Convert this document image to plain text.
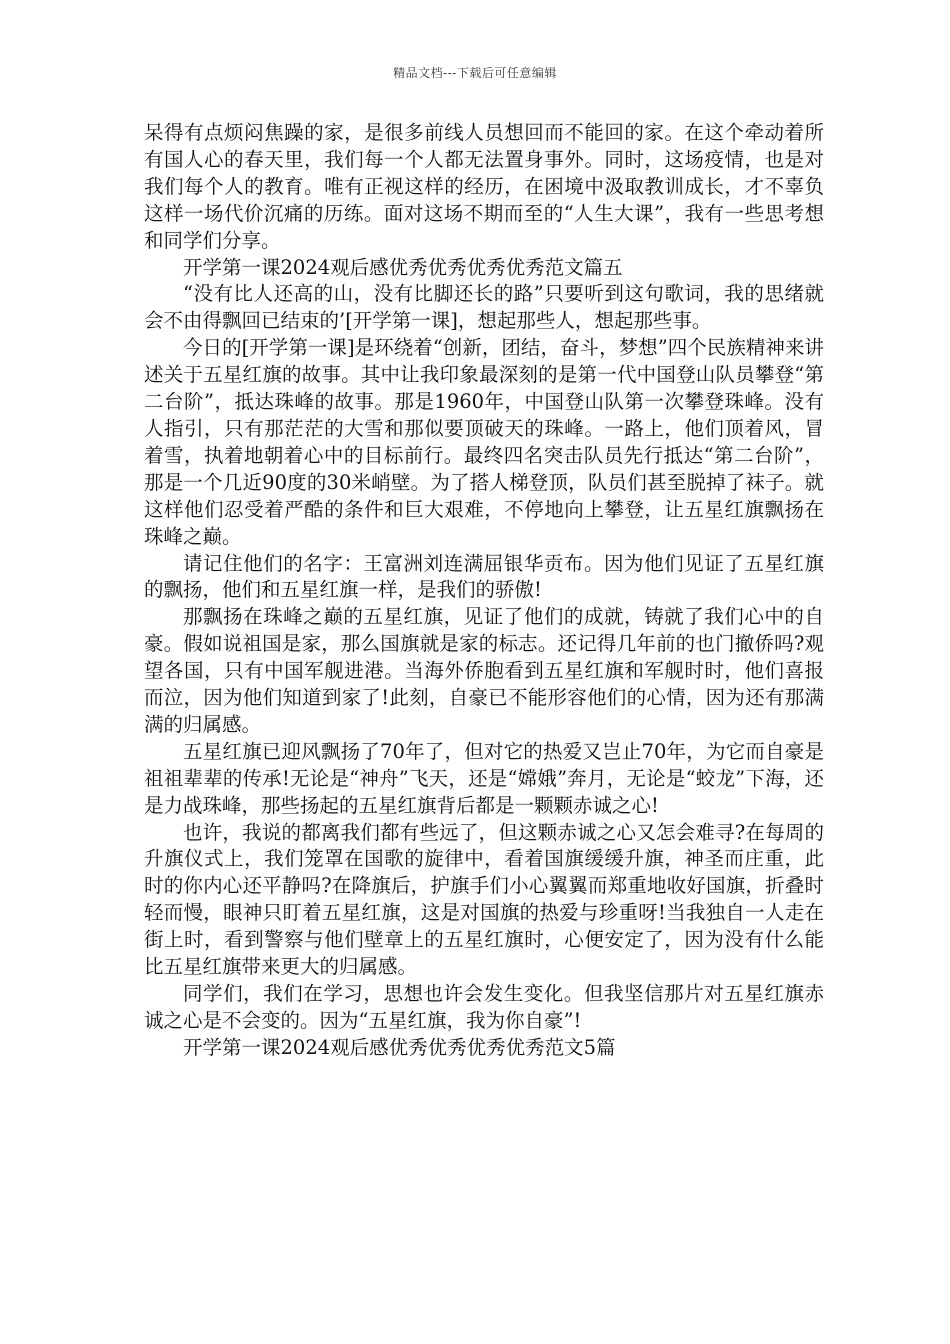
精品文档---下载后可任意编辑

呆得有点烦闷焦躁的家，是很多前线人员想回而不能回的家。在这个牵动着所有国人心的春天里，我们每一个人都无法置身事外。同时，这场疫情，也是对我们每个人的教育。唯有正视这样的经历，在困境中汲取教训成长，才不辜负这样一场代价沉痛的历练。面对这场不期而至的“人生大课”，我有一些思考想和同学们分享。

开学第一课2024观后感优秀优秀优秀优秀范文篇五

“没有比人还高的山，没有比脚还长的路”只要听到这句歌词，我的思绪就会不由得飘回已结束的’[开学第一课]，想起那些人，想起那些事。

今日的[开学第一课]是环绕着“创新，团结，奋斗，梦想”四个民族精神来讲述关于五星红旗的故事。其中让我印象最深刻的是第一代中国登山队员攀登“第二台阶”，抵达珠峰的故事。那是1960年，中国登山队第一次攀登珠峰。没有人指引，只有那茫茫的大雪和那似要顶破天的珠峰。一路上，他们顶着风，冒着雪，执着地朝着心中的目标前行。最终四名突击队员先行抵达“第二台阶”，那是一个几近90度的30米峭壁。为了搭人梯登顶，队员们甚至脱掉了袜子。就这样他们忍受着严酷的条件和巨大艰难，不停地向上攀登，让五星红旗飘扬在珠峰之巅。

请记住他们的名字：王富洲刘连满屈银华贡布。因为他们见证了五星红旗的飘扬，他们和五星红旗一样，是我们的骄傲!

那飘扬在珠峰之巅的五星红旗，见证了他们的成就，铸就了我们心中的自豪。假如说祖国是家，那么国旗就是家的标志。还记得几年前的也门撤侨吗?观望各国，只有中国军舰进港。当海外侨胞看到五星红旗和军舰时时，他们喜报而泣，因为他们知道到家了!此刻，自豪已不能形容他们的心情，因为还有那满满的归属感。

五星红旗已迎风飘扬了70年了，但对它的热爱又岂止70年，为它而自豪是祖祖辈辈的传承!无论是“神舟”飞天，还是“嫦娥”奔月，无论是“蛟龙”下海，还是力战珠峰，那些扬起的五星红旗背后都是一颗颗赤诚之心!

也许，我说的都离我们都有些远了，但这颗赤诚之心又怎会难寻?在每周的升旗仪式上，我们笼罩在国歌的旋律中，看着国旗缓缓升旗，神圣而庄重，此时的你内心还平静吗?在降旗后，护旗手们小心翼翼而郑重地收好国旗，折叠时轻而慢，眼神只盯着五星红旗，这是对国旗的热爱与珍重呀!当我独自一人走在街上时，看到警察与他们壁章上的五星红旗时，心便安定了，因为没有什么能比五星红旗带来更大的归属感。

同学们，我们在学习，思想也许会发生变化。但我坚信那片对五星红旗赤诚之心是不会变的。因为“五星红旗，我为你自豪”!

开学第一课2024观后感优秀优秀优秀优秀范文5篇
